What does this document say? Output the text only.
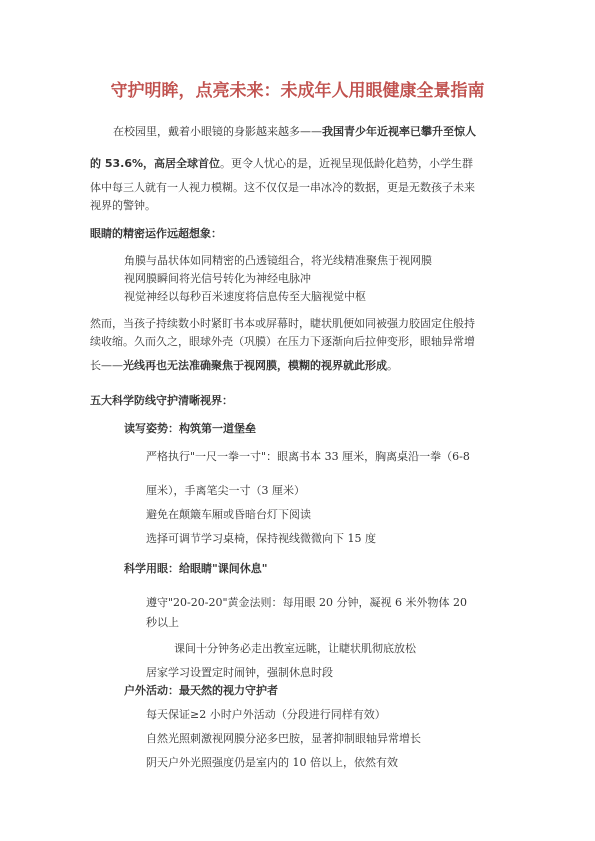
守护明眸，点亮未来：未成年人用眼健康全景指南
在校园里，戴着小眼镜的身影越来越多——我国青少年近视率已攀升至惊人
的 53.6%，高居全球首位。更令人忧心的是，近视呈现低龄化趋势，小学生群
体中每三人就有一人视力模糊。这不仅仅是一串冰冷的数据，更是无数孩子未来
视界的警钟。
眼睛的精密运作远超想象：
角膜与晶状体如同精密的凸透镜组合，将光线精准聚焦于视网膜
视网膜瞬间将光信号转化为神经电脉冲
视觉神经以每秒百米速度将信息传至大脑视觉中枢
然而，当孩子持续数小时紧盯书本或屏幕时，睫状肌便如同被强力胶固定住般持
续收缩。久而久之，眼球外壳（巩膜）在压力下逐渐向后拉伸变形，眼轴异常增
长——光线再也无法准确聚焦于视网膜，模糊的视界就此形成。
五大科学防线守护清晰视界：
读写姿势：构筑第一道堡垒
严格执行"一尺一拳一寸"：眼离书本 33 厘米，胸离桌沿一拳（6-8
厘米），手离笔尖一寸（3 厘米）
避免在颠簸车厢或昏暗台灯下阅读
选择可调节学习桌椅，保持视线微微向下 15 度
科学用眼：给眼睛"课间休息"
遵守"20-20-20"黄金法则：每用眼 20 分钟，凝视 6 米外物体 20
秒以上
课间十分钟务必走出教室远眺，让睫状肌彻底放松
居家学习设置定时闹钟，强制休息时段
户外活动：最天然的视力守护者
每天保证≥2 小时户外活动（分段进行同样有效）
自然光照刺激视网膜分泌多巴胺，显著抑制眼轴异常增长
阴天户外光照强度仍是室内的 10 倍以上，依然有效
